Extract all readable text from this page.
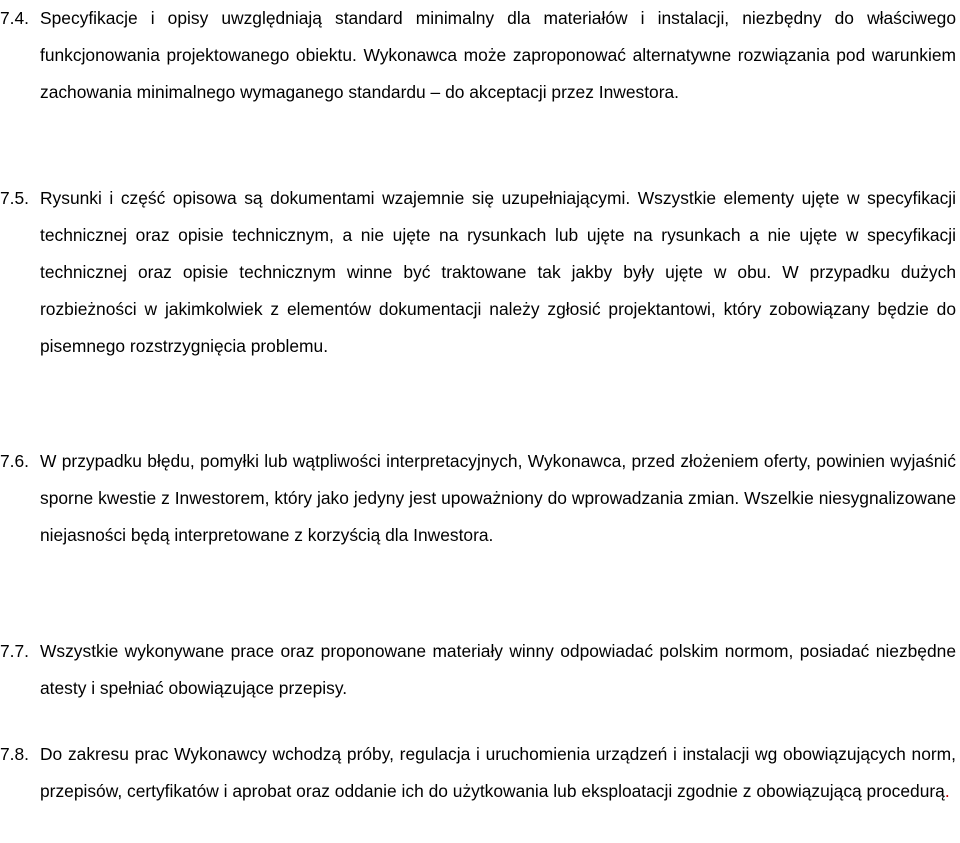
7.4. Specyfikacje i opisy uwzględniają standard minimalny dla materiałów i instalacji, niezbędny do właściwego funkcjonowania projektowanego obiektu. Wykonawca może zaproponować alternatywne rozwiązania pod warunkiem zachowania minimalnego wymaganego standardu – do akceptacji przez Inwestora.
7.5. Rysunki i część opisowa są dokumentami wzajemnie się uzupełniającymi. Wszystkie elementy ujęte w specyfikacji technicznej oraz opisie technicznym, a nie ujęte na rysunkach lub ujęte na rysunkach a nie ujęte w specyfikacji technicznej oraz opisie technicznym winne być traktowane tak jakby były ujęte w obu. W przypadku dużych rozbieżności w jakimkolwiek z elementów dokumentacji należy zgłosić projektantowi, który zobowiązany będzie do pisemnego rozstrzygnięcia problemu.
7.6. W przypadku błędu, pomyłki lub wątpliwości interpretacyjnych, Wykonawca, przed złożeniem oferty, powinien wyjaśnić sporne kwestie z Inwestorem, który jako jedyny jest upoważniony do wprowadzania zmian. Wszelkie niesygnalizowane niejasności będą interpretowane z korzyścią dla Inwestora.
7.7. Wszystkie wykonywane prace oraz proponowane materiały winny odpowiadać polskim normom, posiadać niezbędne atesty i spełniać obowiązujące przepisy.
7.8. Do zakresu prac Wykonawcy wchodzą próby, regulacja i uruchomienia urządzeń i instalacji wg obowiązujących norm, przepisów, certyfikatów i aprobat oraz oddanie ich do użytkowania lub eksploatacji zgodnie z obowiązującą procedurą.
